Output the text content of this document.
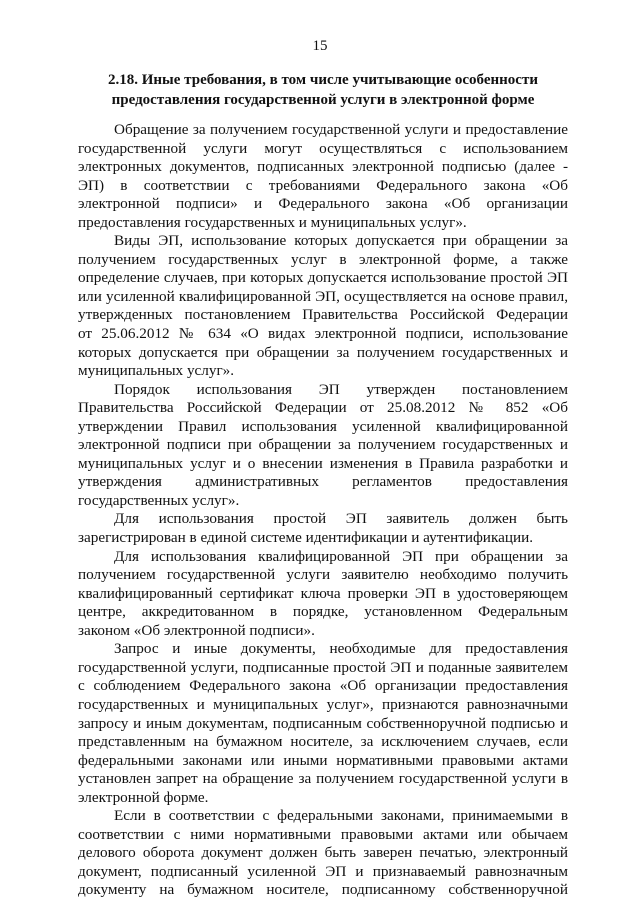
15
2.18. Иные требования, в том числе учитывающие особенности
предоставления государственной услуги в электронной форме
Обращение за получением государственной услуги и предоставление
государственной услуги могут осуществляться с использованием
электронных документов, подписанных электронной подписью (далее -
ЭП) в соответствии с требованиями Федерального закона «Об
электронной подписи» и Федерального закона «Об организации
предоставления государственных и муниципальных услуг».
Виды ЭП, использование которых допускается при обращении за
получением государственных услуг в электронной форме, а также
определение случаев, при которых допускается использование простой ЭП
или усиленной квалифицированной ЭП, осуществляется на основе правил,
утвержденных постановлением Правительства Российской Федерации
от 25.06.2012 № 634 «О видах электронной подписи, использование
которых допускается при обращении за получением государственных и
муниципальных услуг».
Порядок использования ЭП утвержден постановлением
Правительства Российской Федерации от 25.08.2012 № 852 «Об
утверждении Правил использования усиленной квалифицированной
электронной подписи при обращении за получением государственных и
муниципальных услуг и о внесении изменения в Правила разработки и
утверждения административных регламентов предоставления
государственных услуг».
Для использования простой ЭП заявитель должен быть
зарегистрирован в единой системе идентификации и аутентификации.
Для использования квалифицированной ЭП при обращении за
получением государственной услуги заявителю необходимо получить
квалифицированный сертификат ключа проверки ЭП в удостоверяющем
центре, аккредитованном в порядке, установленном Федеральным
законом «Об электронной подписи».
Запрос и иные документы, необходимые для предоставления
государственной услуги, подписанные простой ЭП и поданные заявителем
с соблюдением Федерального закона «Об организации предоставления
государственных и муниципальных услуг», признаются равнозначными
запросу и иным документам, подписанным собственноручной подписью и
представленным на бумажном носителе, за исключением случаев, если
федеральными законами или иными нормативными правовыми актами
установлен запрет на обращение за получением государственной услуги в
электронной форме.
Если в соответствии с федеральными законами, принимаемыми в
соответствии с ними нормативными правовыми актами или обычаем
делового оборота документ должен быть заверен печатью, электронный
документ, подписанный усиленной ЭП и признаваемый равнозначным
документу на бумажном носителе, подписанному собственноручной
